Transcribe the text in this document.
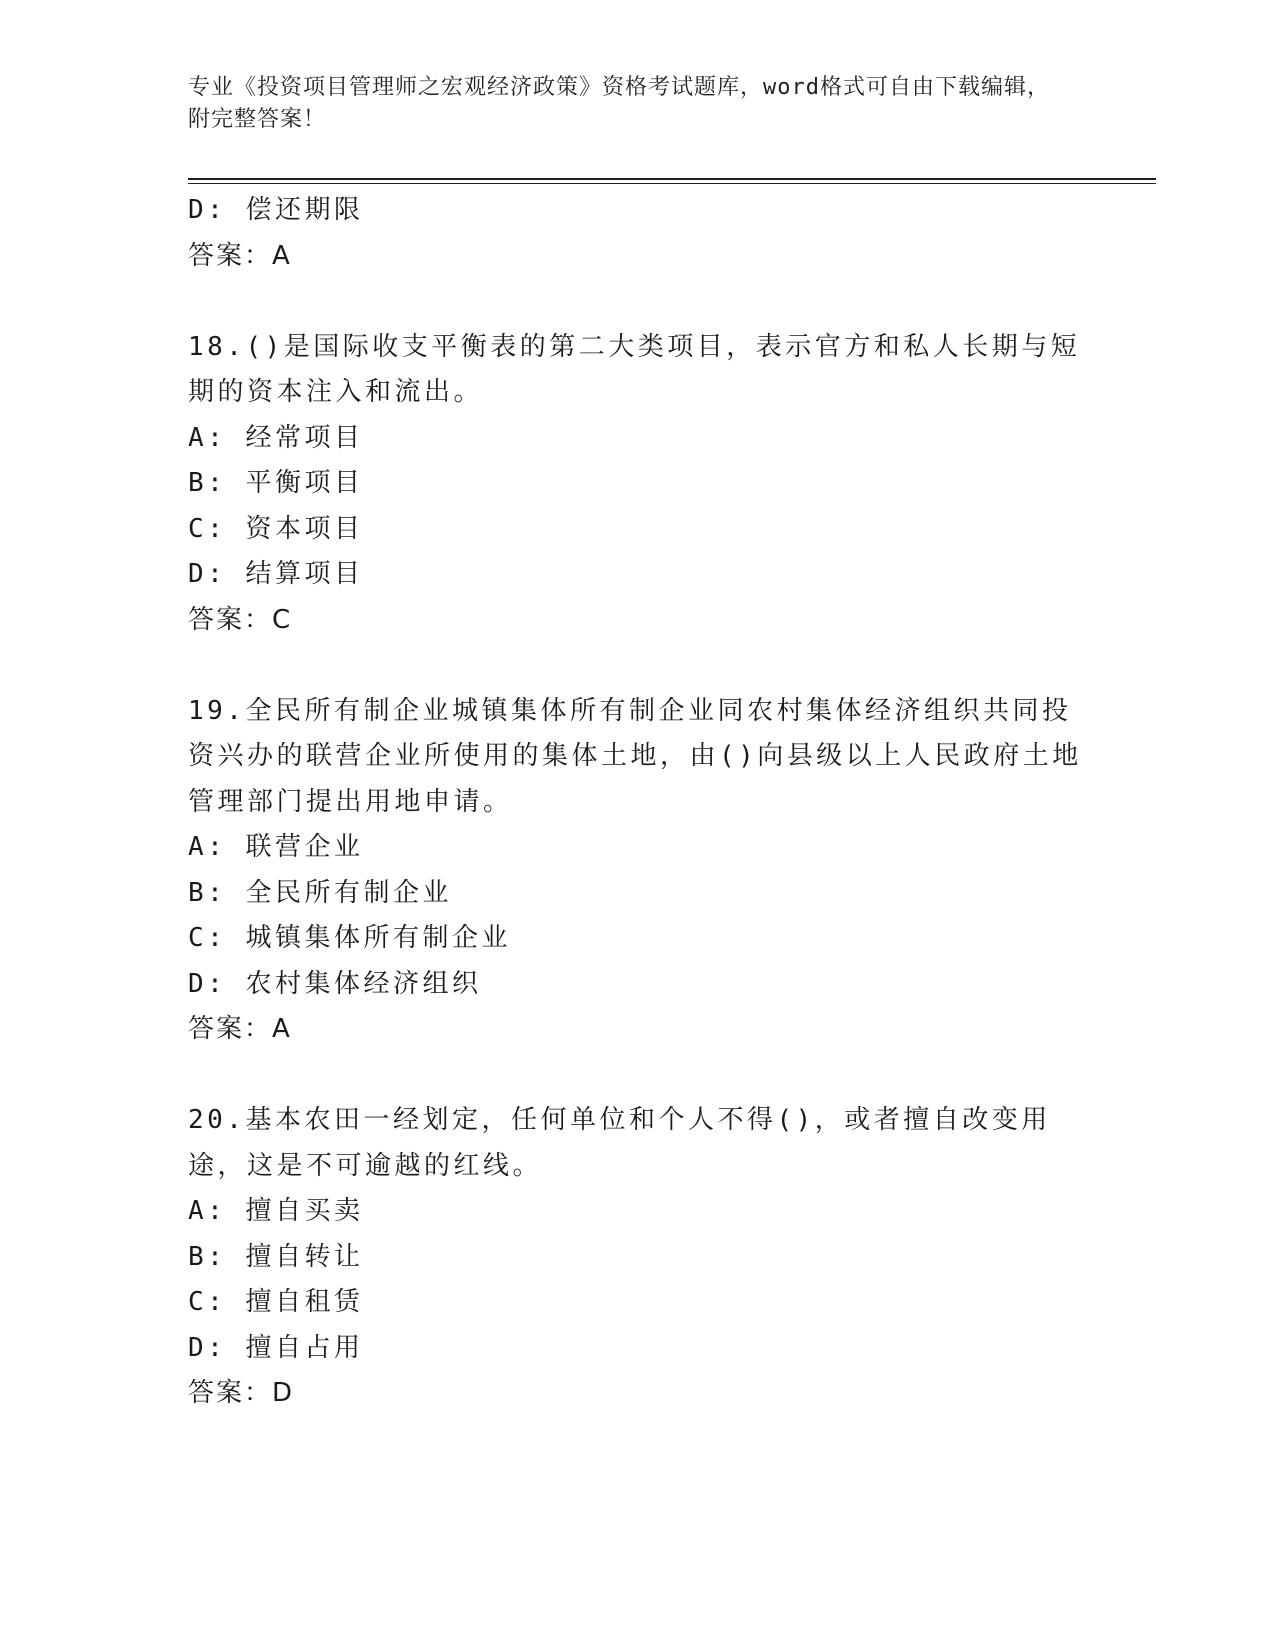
专业《投资项目管理师之宏观经济政策》资格考试题库，word格式可自由下载编辑，附完整答案！

D: 偿还期限

答案：A

18.()是国际收支平衡表的第二大类项目，表示官方和私人长期与短期的资本注入和流出。

A: 经常项目

B: 平衡项目

C: 资本项目

D: 结算项目

答案：C

19.全民所有制企业城镇集体所有制企业同农村集体经济组织共同投资兴办的联营企业所使用的集体土地，由()向县级以上人民政府土地管理部门提出用地申请。

A: 联营企业

B: 全民所有制企业

C: 城镇集体所有制企业

D: 农村集体经济组织

答案：A

20.基本农田一经划定，任何单位和个人不得()，或者擅自改变用途，这是不可逾越的红线。

A: 擅自买卖

B: 擅自转让

C: 擅自租赁

D: 擅自占用

答案：D
